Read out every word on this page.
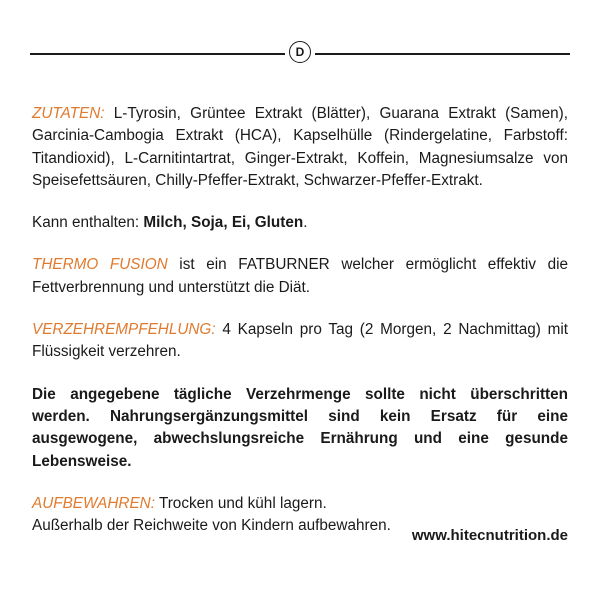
D

ZUTATEN: L-Tyrosin, Grüntee Extrakt (Blätter), Guarana Extrakt (Samen), Garcinia-Cambogia Extrakt (HCA), Kapselhülle (Rindergelatine, Farbstoff: Titandioxid), L-Carnitintartrat, Ginger-Extrakt, Koffein, Magnesiumsalze von Speisefettsäuren, Chilly-Pfeffer-Extrakt, Schwarzer-Pfeffer-Extrakt.

Kann enthalten: Milch, Soja, Ei, Gluten.

THERMO FUSION ist ein FATBURNER welcher ermöglicht effektiv die Fettverbrennung und unterstützt die Diät.

VERZEHREMPFEHLUNG: 4 Kapseln pro Tag (2 Morgen, 2 Nachmittag) mit Flüssigkeit verzehren.

Die angegebene tägliche Verzehrmenge sollte nicht überschritten werden. Nahrungsergänzungsmittel sind kein Ersatz für eine ausgewogene, abwechslungsreiche Ernährung und eine gesunde Lebensweise.

AUFBEWAHREN: Trocken und kühl lagern.
Außerhalb der Reichweite von Kindern aufbewahren.

www.hitecnutrition.de
